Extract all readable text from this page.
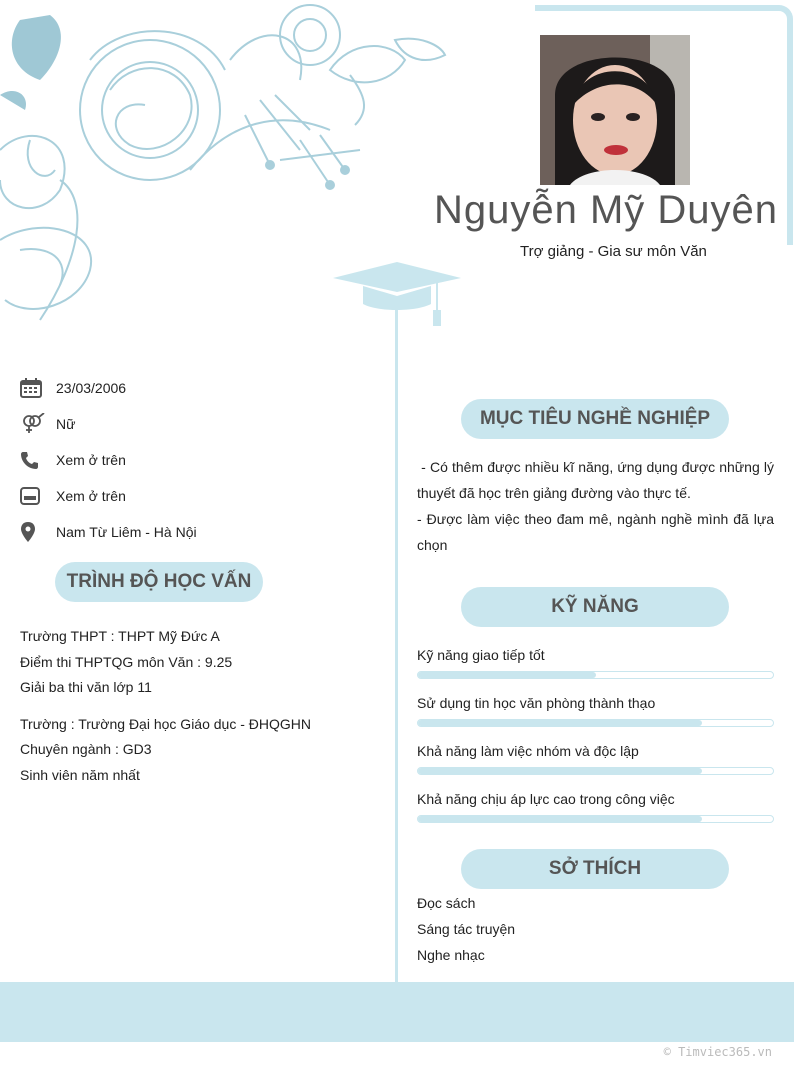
Nguyễn Mỹ Duyên
Trợ giảng - Gia sư môn Văn
23/03/2006
Nữ
Xem ở trên
Xem ở trên
Nam Từ Liêm - Hà Nội
TRÌNH ĐỘ HỌC VẤN
Trường THPT : THPT Mỹ Đức A
Điểm thi THPTQG môn Văn : 9.25
Giải ba thi văn lớp 11
Trường : Trường Đại học Giáo dục - ĐHQGHN
Chuyên ngành : GD3
Sinh viên năm nhất
MỤC TIÊU NGHỀ NGHIỆP
- Có thêm được nhiều kĩ năng, ứng dụng được những lý thuyết đã học trên giảng đường vào thực tế.
- Được làm việc theo đam mê, ngành nghề mình đã lựa chọn
KỸ NĂNG
Kỹ năng giao tiếp tốt
Sử dụng tin học văn phòng thành thạo
Khả năng làm việc nhóm và độc lập
Khả năng chịu áp lực cao trong công việc
SỞ THÍCH
Đọc sách
Sáng tác truyện
Nghe nhạc
© Timviec365.vn
